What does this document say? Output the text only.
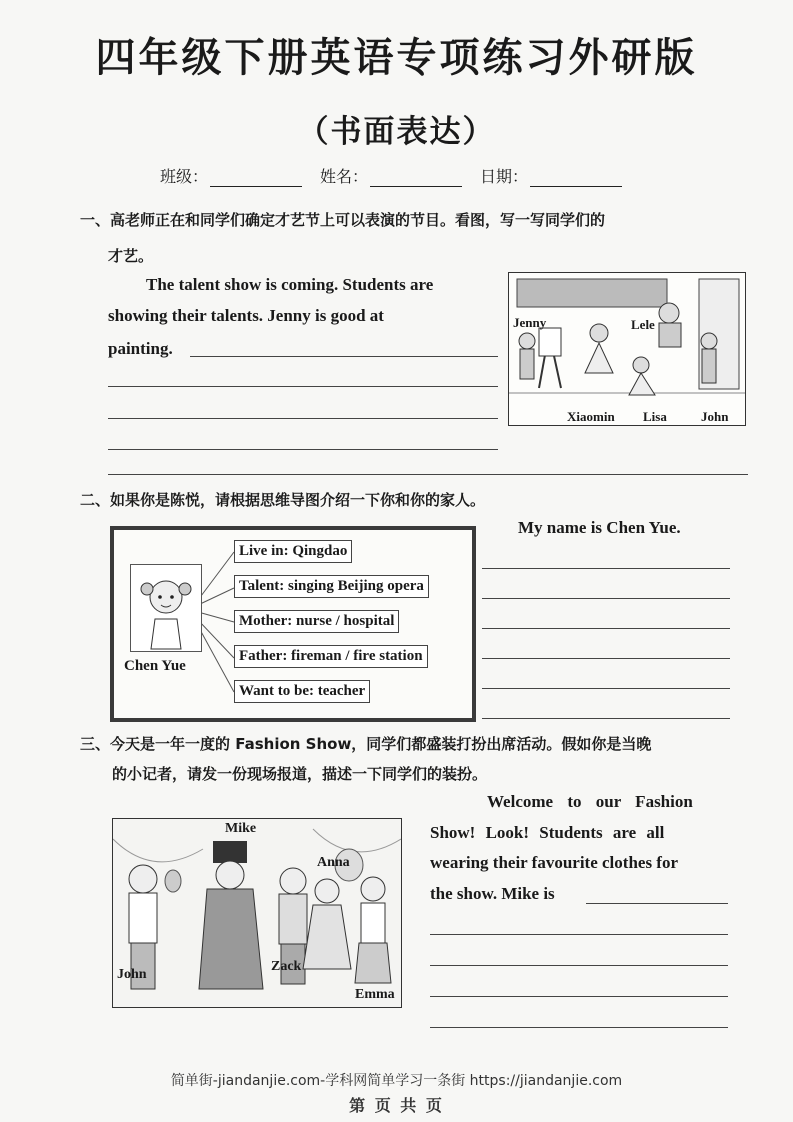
四年级下册英语专项练习外研版
（书面表达）
班级：	姓名：	日期：
一、高老师正在和同学们确定才艺节上可以表演的节目。看图，写一写同学们的
才艺。
The talent show is coming. Students are
showing their talents. Jenny is good at
painting.
Jenny	Lele
Xiaomin Lisa	John
二、如果你是陈悦，请根据思维导图介绍一下你和你的家人。
My name is Chen Yue.
Chen Yue
Live in: Qingdao
Talent: singing Beijing opera
Mother: nurse / hospital
Father: fireman / fire station
Want to be: teacher
三、今天是一年一度的 Fashion Show，同学们都盛装打扮出席活动。假如你是当晚
的小记者，请发一份现场报道，描述一下同学们的装扮。
Welcome to our Fashion
Show! Look! Students are all
wearing their favourite clothes for
the show. Mike is
Mike
Anna
John
Zack
Emma
简单街-jiandanjie.com-学科网简单学习一条街 https://jiandanjie.com
第 页 共 页
